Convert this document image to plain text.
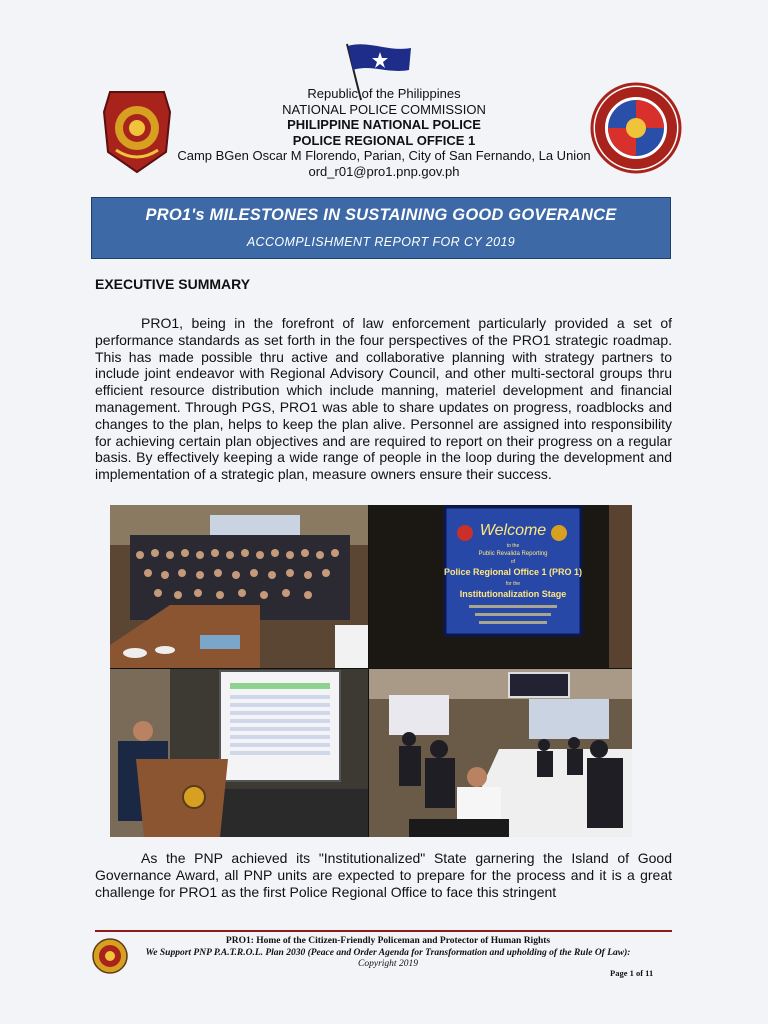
Republic of the Philippines
NATIONAL POLICE COMMISSION
PHILIPPINE NATIONAL POLICE
POLICE REGIONAL OFFICE 1
Camp BGen Oscar M Florendo, Parian, City of San Fernando, La Union
ord_r01@pro1.pnp.gov.ph
PRO1's MILESTONES IN SUSTAINING GOOD GOVERANCE
ACCOMPLISHMENT REPORT FOR CY 2019
EXECUTIVE SUMMARY
PRO1, being in the forefront of law enforcement particularly provided a set of performance standards as set forth in the four perspectives of the PRO1 strategic roadmap. This has made possible thru active and collaborative planning with strategy partners to include joint endeavor with Regional Advisory Council, and other multi-sectoral groups thru efficient resource distribution which include manning, materiel development and financial management. Through PGS, PRO1 was able to share updates on progress, roadblocks and changes to the plan, helps to keep the plan alive. Personnel are assigned into responsibility for achieving certain plan objectives and are required to report on their progress on a regular basis. By effectively keeping a wide range of people in the loop during the development and implementation of a strategic plan, measure owners ensure their success.
Welcome
to the
Public Revalida Reporting
of
Police Regional Office 1 (PRO 1)
for the
Institutionalization Stage
As the PNP achieved its "Institutionalized" State garnering the Island of Good Governance Award, all PNP units are expected to prepare for the process and it is a great challenge for PRO1 as the first Police Regional Office to face this stringent
PRO1: Home of the Citizen-Friendly Policeman and Protector of Human Rights
We Support PNP P.A.T.R.O.L. Plan 2030 (Peace and Order Agenda for Transformation and upholding of the Rule Of Law):
Copyright 2019
Page 1 of 11
